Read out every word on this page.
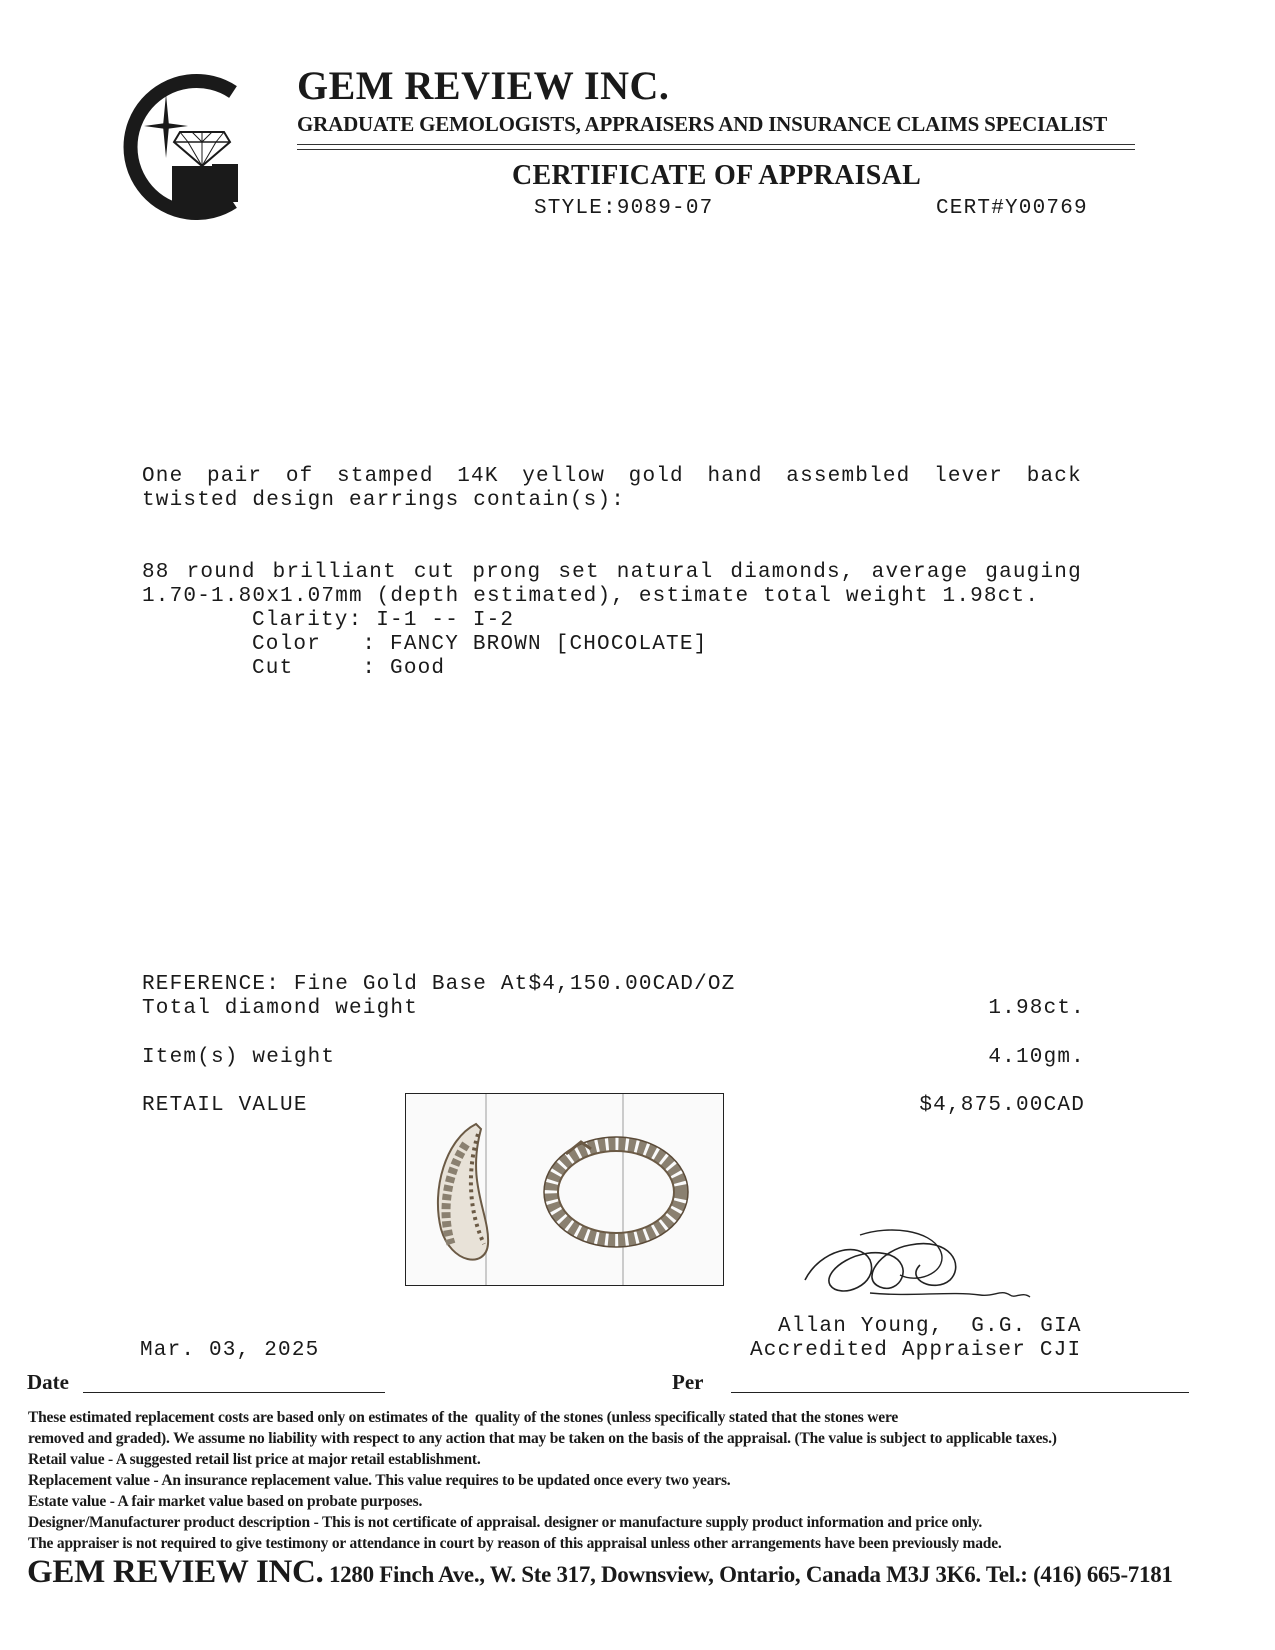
GEM REVIEW INC.
GRADUATE GEMOLOGISTS, APPRAISERS AND INSURANCE CLAIMS SPECIALIST
CERTIFICATE OF APPRAISAL
STYLE:9089-07	CERT#Y00769
One pair of stamped 14K yellow gold hand assembled lever back
twisted design earrings contain(s):
88 round brilliant cut prong set natural diamonds, average gauging
1.70-1.80x1.07mm (depth estimated), estimate total weight 1.98ct.
Clarity: I-1 -- I-2
Color   : FANCY BROWN [CHOCOLATE]
Cut     : Good
REFERENCE: Fine Gold Base At$4,150.00CAD/OZ
Total diamond weight	1.98ct.
Item(s) weight	4.10gm.
RETAIL VALUE	$4,875.00CAD
Allan Young,  G.G. GIA
Accredited Appraiser CJI
Mar. 03, 2025
Date	Per
These estimated replacement costs are based only on estimates of the  quality of the stones (unless specifically stated that the stones were
removed and graded). We assume no liability with respect to any action that may be taken on the basis of the appraisal. (The value is subject to applicable taxes.)
Retail value - A suggested retail list price at major retail establishment.
Replacement value - An insurance replacement value. This value requires to be updated once every two years.
Estate value - A fair market value based on probate purposes.
Designer/Manufacturer product description - This is not certificate of appraisal. designer or manufacture supply product information and price only.
The appraiser is not required to give testimony or attendance in court by reason of this appraisal unless other arrangements have been previously made.
GEM REVIEW INC. 1280 Finch Ave., W. Ste 317, Downsview, Ontario, Canada M3J 3K6. Tel.: (416) 665-7181
